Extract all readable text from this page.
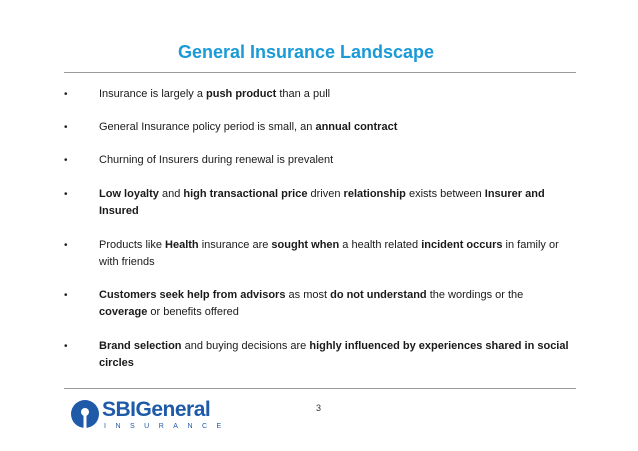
General Insurance Landscape
•	Insurance is largely a push product than a pull
•	General Insurance policy period is small, an annual contract
•	Churning of Insurers during renewal is prevalent
•	Low loyalty and high transactional price driven relationship exists between Insurer and Insured
•	Products like Health insurance are sought when a health related incident occurs in family or with friends
•	Customers seek help from advisors as most do not understand the wordings or the coverage or benefits offered
•	Brand selection and buying decisions are highly influenced by experiences shared in social circles
SBIGeneral
INSURANCE
3
